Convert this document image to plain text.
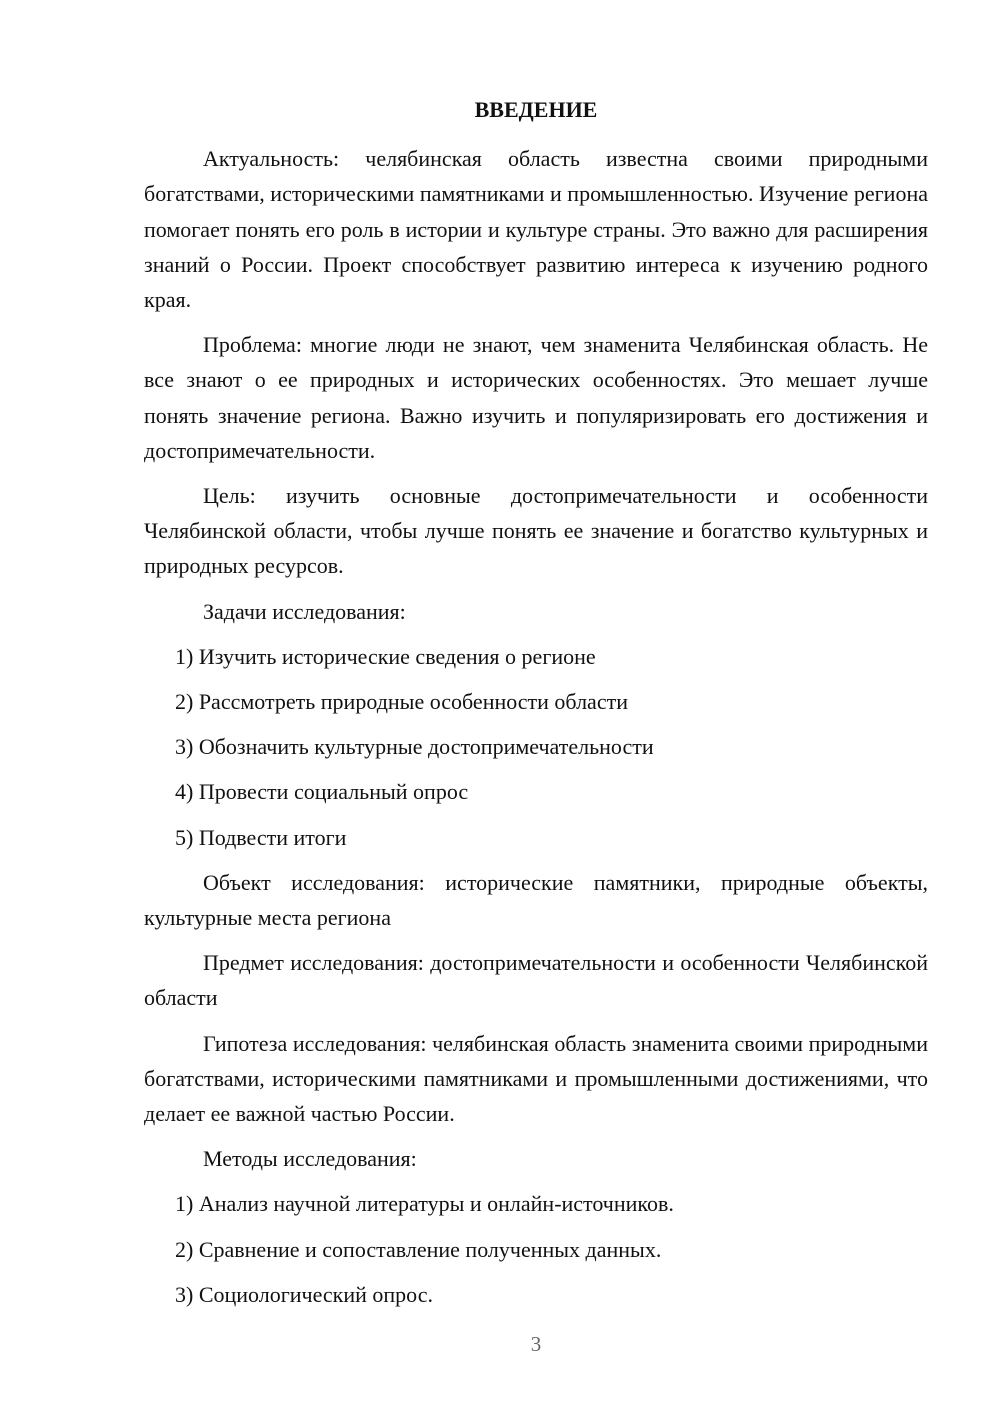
ВВЕДЕНИЕ

Актуальность: челябинская область известна своими природными богатствами, историческими памятниками и промышленностью. Изучение региона помогает понять его роль в истории и культуре страны. Это важно для расширения знаний о России. Проект способствует развитию интереса к изучению родного края.

Проблема: многие люди не знают, чем знаменита Челябинская область. Не все знают о ее природных и исторических особенностях. Это мешает лучше понять значение региона. Важно изучить и популяризировать его достижения и достопримечательности.

Цель: изучить основные достопримечательности и особенности Челябинской области, чтобы лучше понять ее значение и богатство культурных и природных ресурсов.

Задачи исследования:

1) Изучить исторические сведения о регионе

2) Рассмотреть природные особенности области

3) Обозначить культурные достопримечательности

4) Провести социальный опрос

5) Подвести итоги

Объект исследования: исторические памятники, природные объекты, культурные места региона

Предмет исследования: достопримечательности и особенности Челябинской области

Гипотеза исследования: челябинская область знаменита своими природными богатствами, историческими памятниками и промышленными достижениями, что делает ее важной частью России.

Методы исследования:

1) Анализ научной литературы и онлайн-источников.

2) Сравнение и сопоставление полученных данных.

3) Социологический опрос.

3
